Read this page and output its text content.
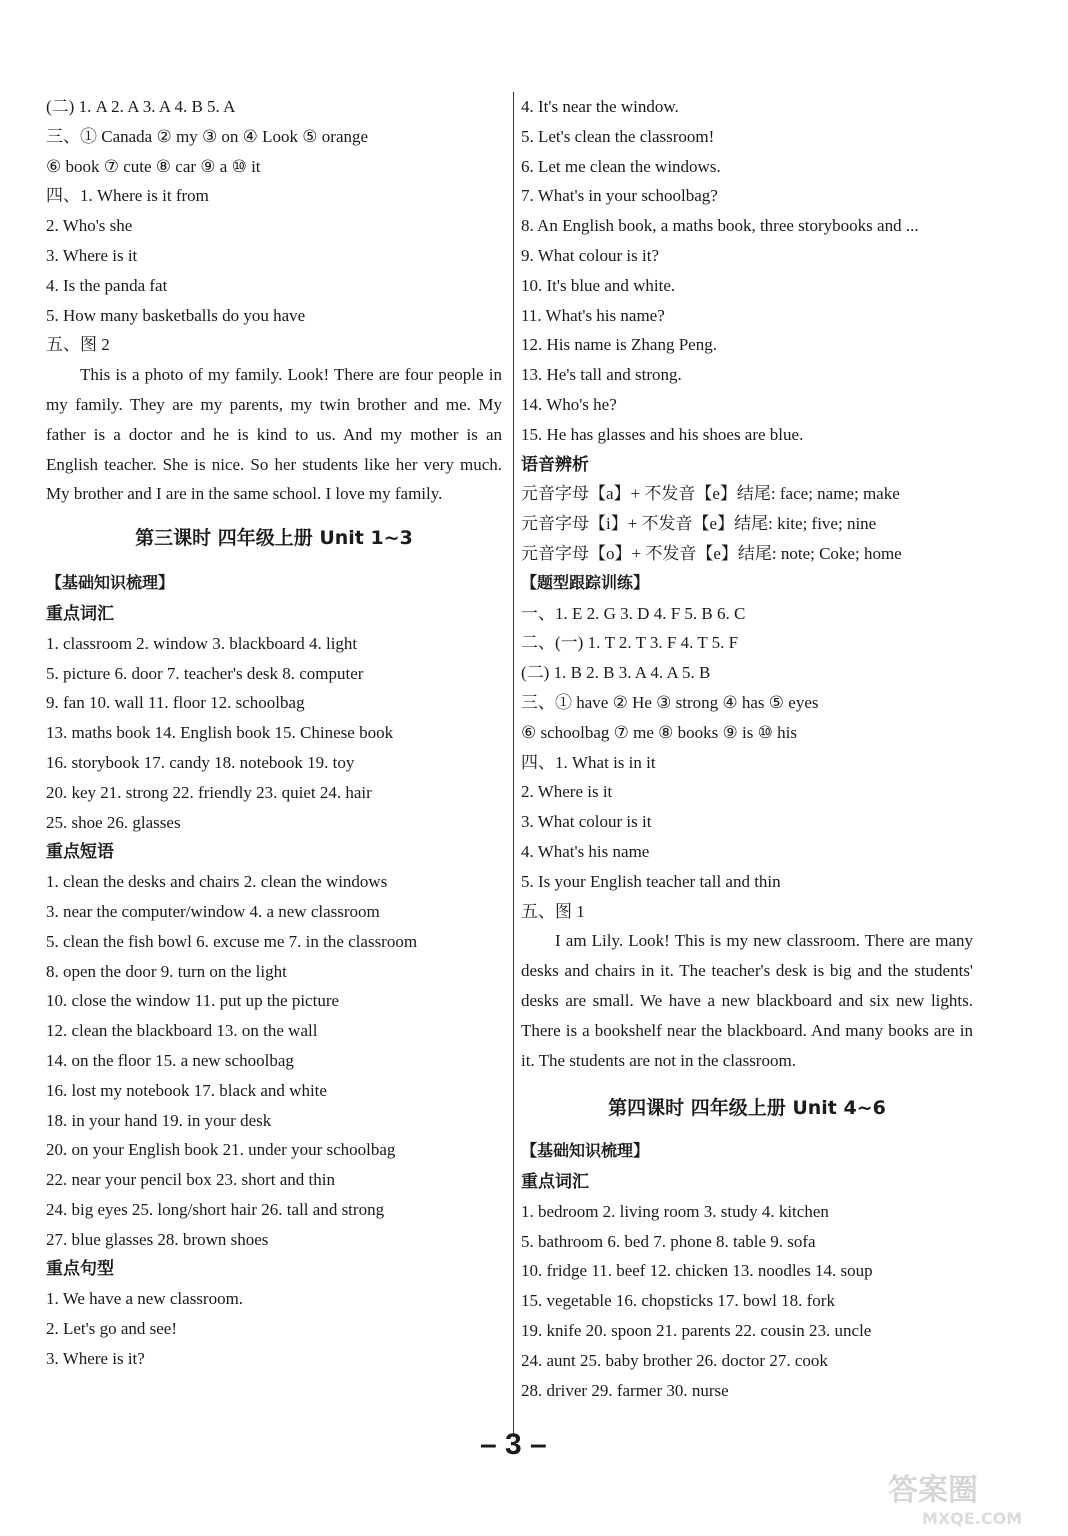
(二) 1. A 2. A 3. A 4. B 5. A
三、① Canada ② my ③ on ④ Look ⑤ orange
⑥ book ⑦ cute ⑧ car ⑨ a ⑩ it
四、1. Where is it from
2. Who's she
3. Where is it
4. Is the panda fat
5. How many basketballs do you have
五、图 2

This is a photo of my family. Look! There are four people in my family. They are my parents, my twin brother and me. My father is a doctor and he is kind to us. And my mother is an English teacher. She is nice. So her students like her very much. My brother and I are in the same school. I love my family.

第三课时 四年级上册 Unit 1~3
【基础知识梳理】
重点词汇
1. classroom 2. window 3. blackboard 4. light
5. picture 6. door 7. teacher's desk 8. computer
9. fan 10. wall 11. floor 12. schoolbag
13. maths book 14. English book 15. Chinese book
16. storybook 17. candy 18. notebook 19. toy
20. key 21. strong 22. friendly 23. quiet 24. hair
25. shoe 26. glasses
重点短语
1. clean the desks and chairs 2. clean the windows
3. near the computer/window 4. a new classroom
5. clean the fish bowl 6. excuse me 7. in the classroom
8. open the door 9. turn on the light
10. close the window 11. put up the picture
12. clean the blackboard 13. on the wall
14. on the floor 15. a new schoolbag
16. lost my notebook 17. black and white
18. in your hand 19. in your desk
20. on your English book 21. under your schoolbag
22. near your pencil box 23. short and thin
24. big eyes 25. long/short hair 26. tall and strong
27. blue glasses 28. brown shoes
重点句型
1. We have a new classroom.
2. Let's go and see!
3. Where is it?
4. It's near the window.
5. Let's clean the classroom!
6. Let me clean the windows.
7. What's in your schoolbag?
8. An English book, a maths book, three storybooks and ...
9. What colour is it?
10. It's blue and white.
11. What's his name?
12. His name is Zhang Peng.
13. He's tall and strong.
14. Who's he?
15. He has glasses and his shoes are blue.
语音辨析
元音字母【a】+ 不发音【e】结尾: face; name; make
元音字母【i】+ 不发音【e】结尾: kite; five; nine
元音字母【o】+ 不发音【e】结尾: note; Coke; home
【题型跟踪训练】
一、1. E 2. G 3. D 4. F 5. B 6. C
二、(一) 1. T 2. T 3. F 4. T 5. F
(二) 1. B 2. B 3. A 4. A 5. B
三、① have ② He ③ strong ④ has ⑤ eyes
⑥ schoolbag ⑦ me ⑧ books ⑨ is ⑩ his
四、1. What is in it
2. Where is it
3. What colour is it
4. What's his name
5. Is your English teacher tall and thin
五、图 1

I am Lily. Look! This is my new classroom. There are many desks and chairs in it. The teacher's desk is big and the students' desks are small. We have a new blackboard and six new lights. There is a bookshelf near the blackboard. And many books are in it. The students are not in the classroom.

第四课时 四年级上册 Unit 4~6
【基础知识梳理】
重点词汇
1. bedroom 2. living room 3. study 4. kitchen
5. bathroom 6. bed 7. phone 8. table 9. sofa
10. fridge 11. beef 12. chicken 13. noodles 14. soup
15. vegetable 16. chopsticks 17. bowl 18. fork
19. knife 20. spoon 21. parents 22. cousin 23. uncle
24. aunt 25. baby brother 26. doctor 27. cook
28. driver 29. farmer 30. nurse
– 3 –
答案圈
MXQE.COM
